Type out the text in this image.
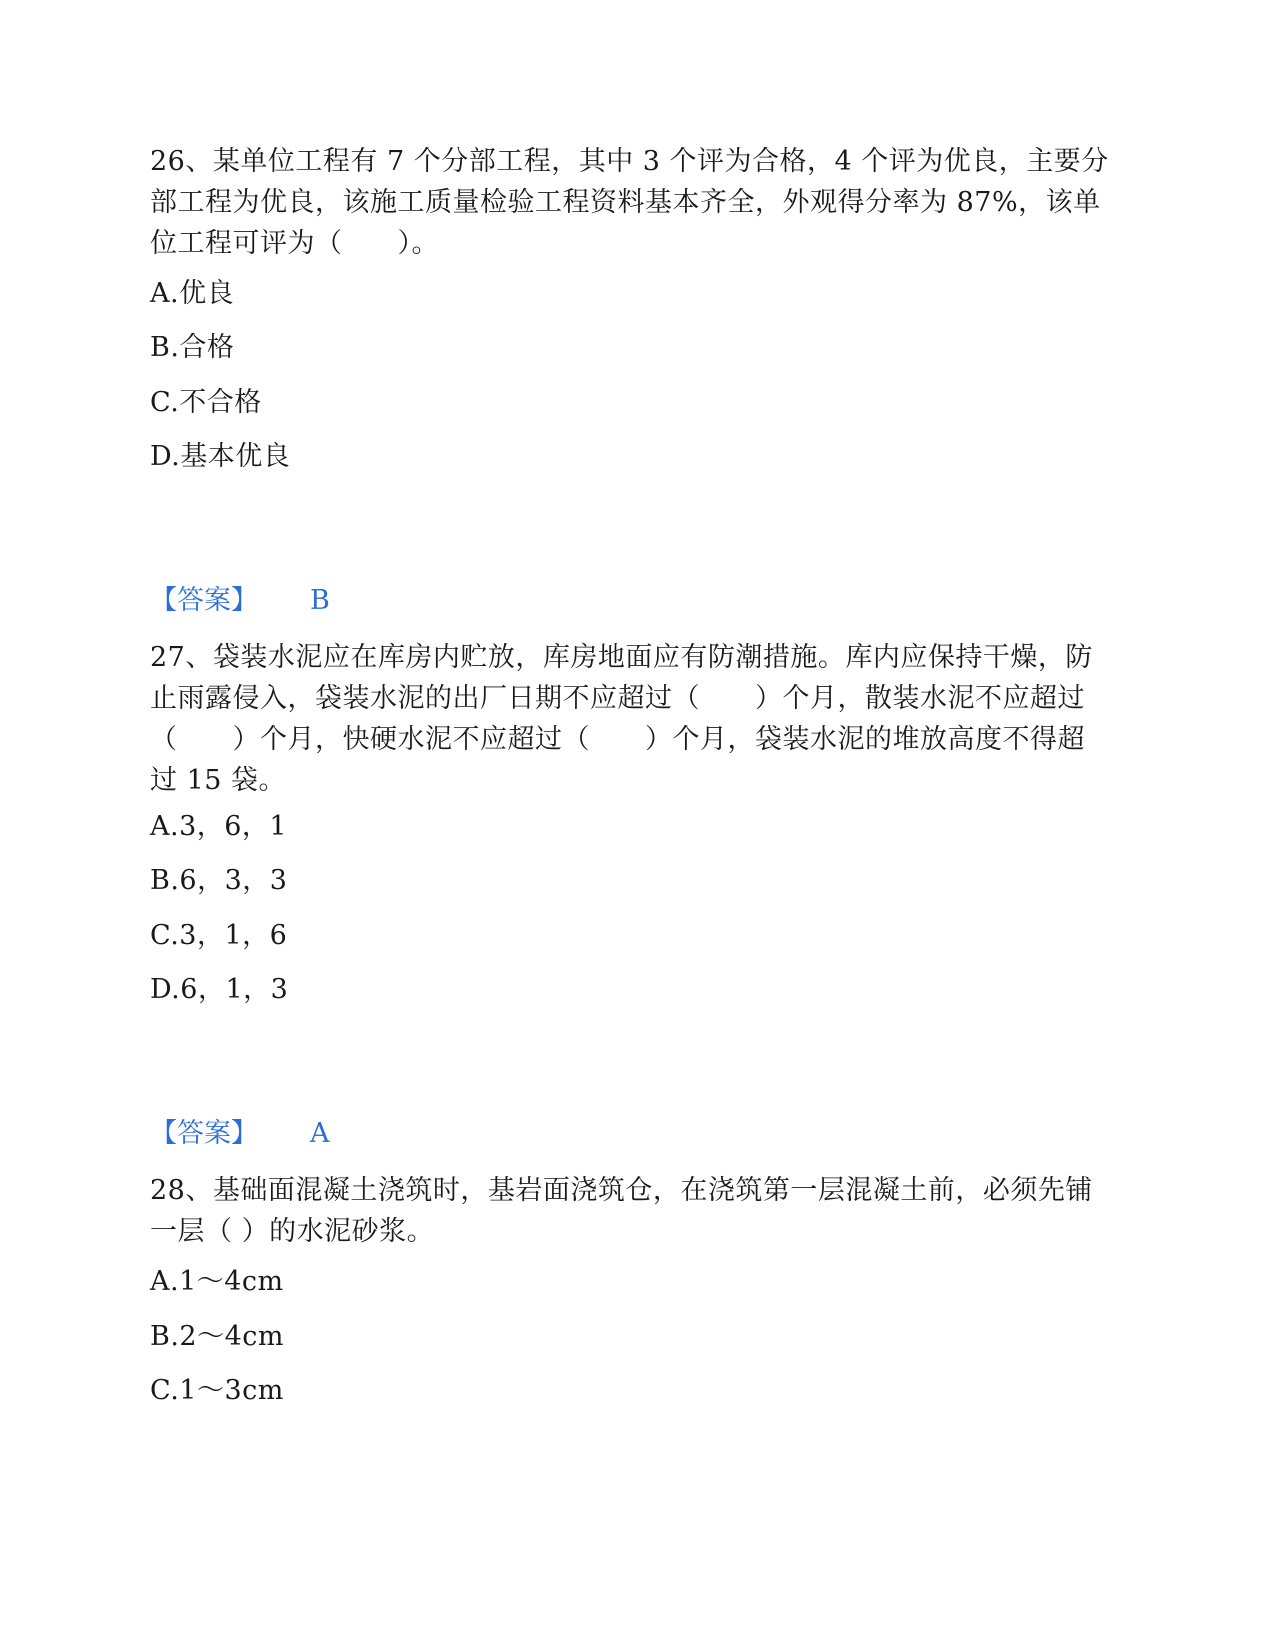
26、某单位工程有 7 个分部工程，其中 3 个评为合格，4 个评为优良，主要分部工程为优良，该施工质量检验工程资料基本齐全，外观得分率为 87%，该单位工程可评为（　　）。

A.优良

B.合格

C.不合格

D.基本优良

【答案】 B

27、袋装水泥应在库房内贮放，库房地面应有防潮措施。库内应保持干燥，防止雨露侵入，袋装水泥的出厂日期不应超过（　　）个月，散装水泥不应超过（　　）个月，快硬水泥不应超过（　　）个月，袋装水泥的堆放高度不得超过 15 袋。

A.3，6，1

B.6，3，3

C.3，1，6

D.6，1，3

【答案】 A

28、基础面混凝土浇筑时，基岩面浇筑仓，在浇筑第一层混凝土前，必须先铺一层（ ）的水泥砂浆。

A.1～4cm

B.2～4cm

C.1～3cm
